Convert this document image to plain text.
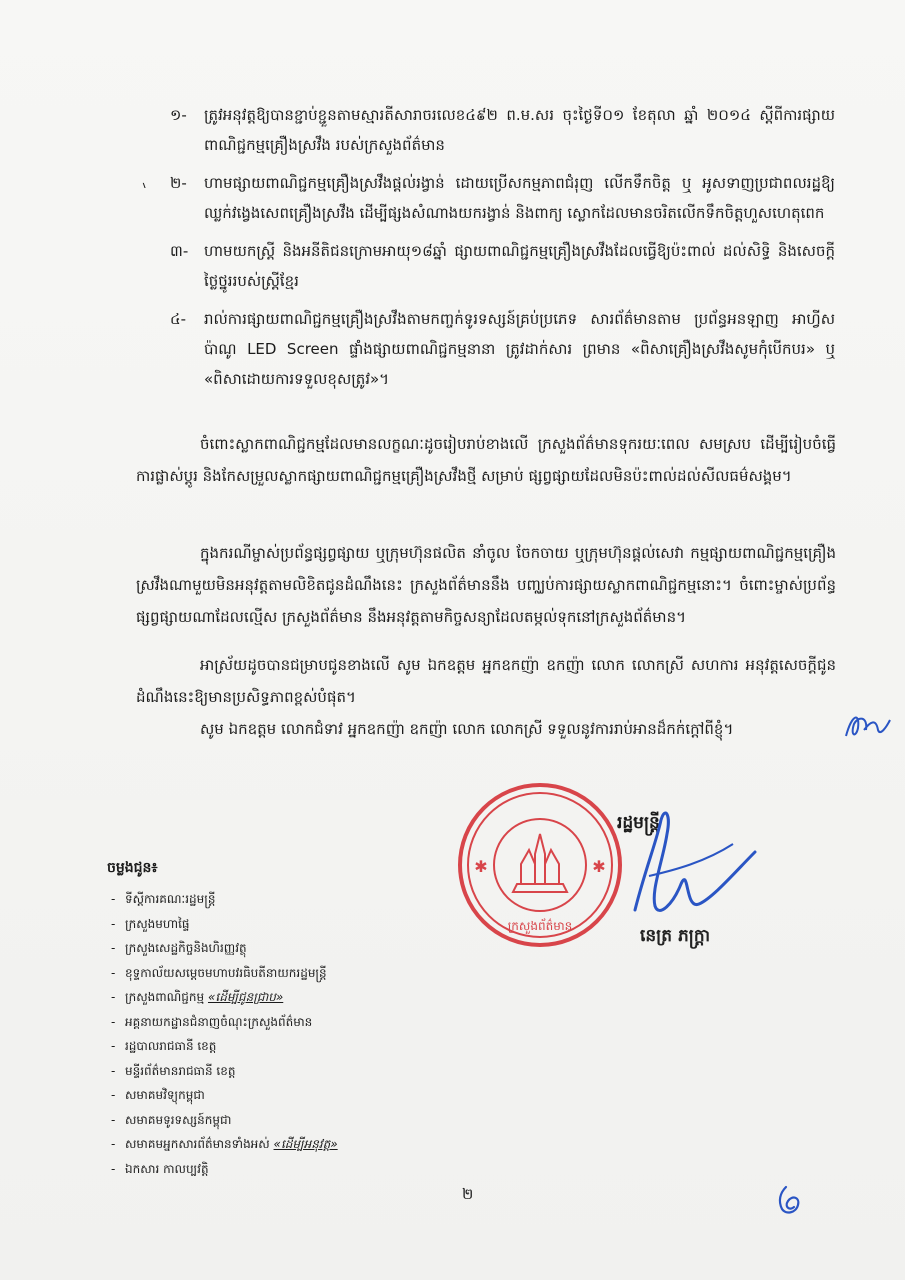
១- ត្រូវអនុវត្តឱ្យបានខ្ជាប់ខ្ជួនតាមស្មារតីសារាចរលេខ៤៩២ ព.ម.សរ ចុះថ្ងៃទី០១ ខែតុលា ឆ្នាំ ២០១៤ ស្តីពីការផ្សាយពាណិជ្ជកម្មគ្រឿងស្រវឹង របស់ក្រសួងព័ត៌មាន
៶ ២- ហាមផ្សាយពាណិជ្ជកម្មគ្រឿងស្រវឹងផ្តល់រង្វាន់ ដោយប្រើសកម្មភាពជំរុញ លើកទឹកចិត្ត ឬ អូសទាញប្រជាពលរដ្ឋឱ្យឈ្លក់វង្វេងសេពគ្រឿងស្រវឹង ដើម្បីផ្សងសំណាងយករង្វាន់ និងពាក្យ ស្លោកដែលមានចរិតលើកទឹកចិត្តហួសហេតុពេក
៣- ហាមយកស្ត្រី និងអនីតិជនក្រោមអាយុ១៨ឆ្នាំ ផ្សាយពាណិជ្ជកម្មគ្រឿងស្រវឹងដែលធ្វើឱ្យប៉ះពាល់ ដល់សិទ្ធិ និងសេចក្តីថ្លៃថ្នូររបស់ស្ត្រីខ្មែរ
៤- រាល់ការផ្សាយពាណិជ្ជកម្មគ្រឿងស្រវឹងតាមកញ្ចក់ទូរទស្សន៍គ្រប់ប្រភេទ សារព័ត៌មានតាម ប្រព័ន្ធអនឡាញ អាហ្វីស ប៉ាណូ LED Screen ផ្ទាំងផ្សាយពាណិជ្ជកម្មនានា ត្រូវដាក់សារ ព្រមាន «ពិសាគ្រឿងស្រវឹងសូមកុំបើកបរ» ឬ «ពិសាដោយការទទួលខុសត្រូវ»។
ចំពោះស្លាកពាណិជ្ជកម្មដែលមានលក្ខណៈដូចរៀបរាប់ខាងលើ ក្រសួងព័ត៌មានទុករយៈពេល សមស្រប ដើម្បីរៀបចំធ្វើការផ្លាស់ប្តូរ និងកែសម្រួលស្លាកផ្សាយពាណិជ្ជកម្មគ្រឿងស្រវឹងថ្មី សម្រាប់ ផ្សព្វផ្សាយដែលមិនប៉ះពាល់ដល់សីលធម៌សង្គម។
ក្នុងករណីម្ចាស់ប្រព័ន្ធផ្សព្វផ្សាយ ឬក្រុមហ៊ុនផលិត នាំចូល ចែកចាយ ឬក្រុមហ៊ុនផ្តល់សេវា កម្មផ្សាយពាណិជ្ជកម្មគ្រឿងស្រវឹងណាមួយមិនអនុវត្តតាមលិខិតជូនដំណឹងនេះ ក្រសួងព័ត៌មាននឹង បញ្ឈប់ការផ្សាយស្លាកពាណិជ្ជកម្មនោះ។ ចំពោះម្ចាស់ប្រព័ន្ធផ្សព្វផ្សាយណាដែលល្មើស ក្រសួងព័ត៌មាន នឹងអនុវត្តតាមកិច្ចសន្យាដែលតម្កល់ទុកនៅក្រសួងព័ត៌មាន។
អាស្រ័យដូចបានជម្រាបជូនខាងលើ សូម ឯកឧត្តម អ្នកឧកញ៉ា ឧកញ៉ា លោក លោកស្រី សហការ អនុវត្តសេចក្តីជូនដំណឹងនេះឱ្យមានប្រសិទ្ធភាពខ្ពស់បំផុត។
សូម ឯកឧត្តម លោកជំទាវ អ្នកឧកញ៉ា ឧកញ៉ា លោក លោកស្រី ទទួលនូវការរាប់អានដ៏កក់ក្តៅពីខ្ញុំ។
ក្រសួងព័ត៌មាន
✱	✱
រដ្ឋមន្ត្រី
នេត្រ ភក្ត្រា
ចម្លងជូន៖
- ទីស្តីការគណៈរដ្ឋមន្ត្រី
- ក្រសួងមហាផ្ទៃ
- ក្រសួងសេដ្ឋកិច្ចនិងហិរញ្ញវត្ថុ
- ខុទ្ទកាល័យសម្តេចមហាបវរធិបតីនាយករដ្ឋមន្ត្រី
- ក្រសួងពាណិជ្ជកម្ម «ដើម្បីជូនជ្រាប»
- អគ្គនាយកដ្ឋានជំនាញចំណុះក្រសួងព័ត៌មាន
- រដ្ឋបាលរាជធានី ខេត្ត
- មន្ទីរព័ត៌មានរាជធានី ខេត្ត
- សមាគមវិទ្យុកម្ពុជា
- សមាគមទូរទស្សន៍កម្ពុជា
- សមាគមអ្នកសារព័ត៌មានទាំងអស់ «ដើម្បីអនុវត្ត»
- ឯកសារ កាលប្បវត្តិ
២
